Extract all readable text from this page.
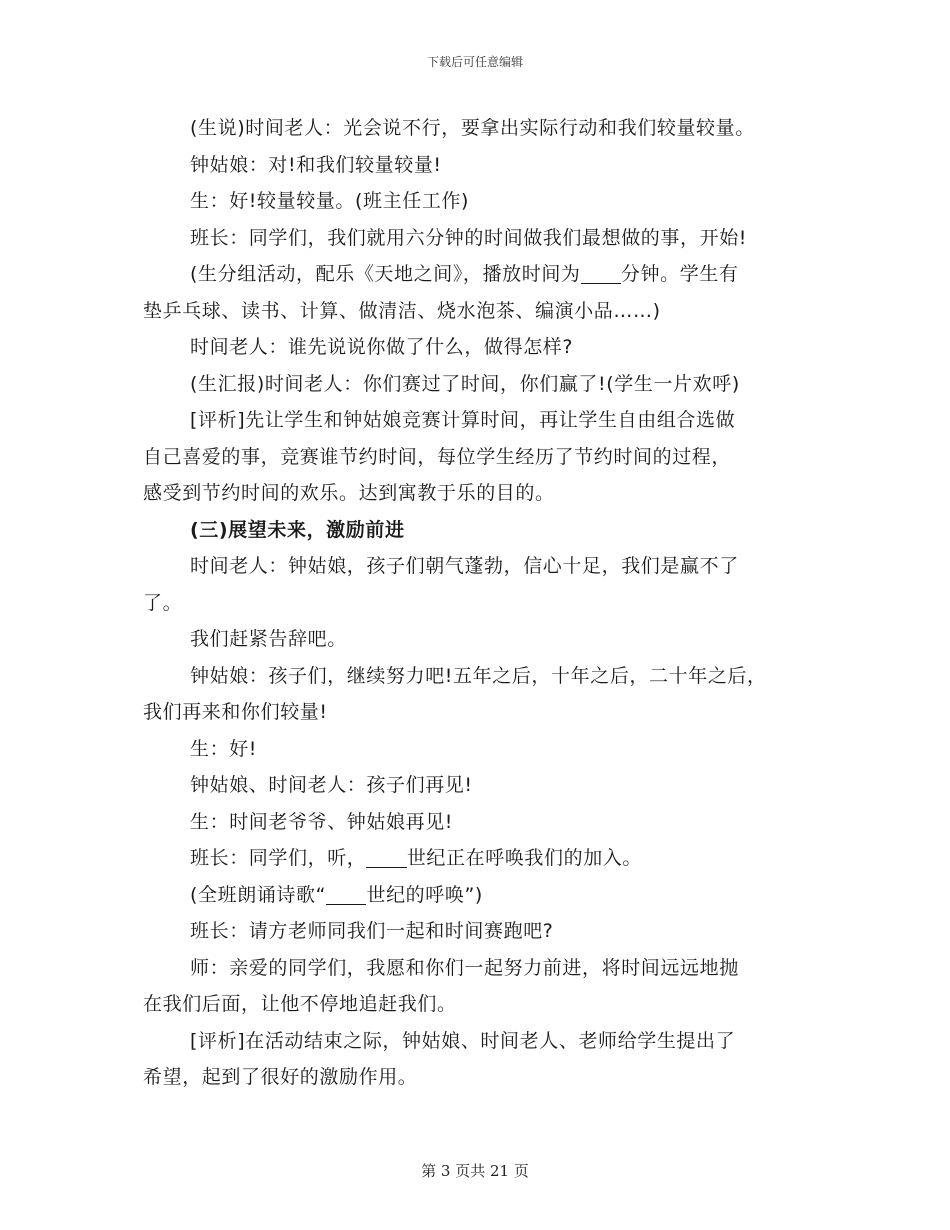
下载后可任意编辑

(生说)时间老人：光会说不行，要拿出实际行动和我们较量较量。

钟姑娘：对!和我们较量较量!

生：好!较量较量。(班主任工作)

班长：同学们，我们就用六分钟的时间做我们最想做的事，开始!

(生分组活动，配乐《天地之间》，播放时间为 分钟。学生有

垫乒乓球、读书、计算、做清洁、烧水泡茶、编演小品……)

时间老人：谁先说说你做了什么，做得怎样?

(生汇报)时间老人：你们赛过了时间，你们赢了!(学生一片欢呼)

[评析]先让学生和钟姑娘竞赛计算时间，再让学生自由组合选做

自己喜爱的事，竞赛谁节约时间，每位学生经历了节约时间的过程，

感受到节约时间的欢乐。达到寓教于乐的目的。

(三)展望未来，激励前进

时间老人：钟姑娘，孩子们朝气蓬勃，信心十足，我们是赢不了

了。

我们赶紧告辞吧。

钟姑娘：孩子们，继续努力吧!五年之后，十年之后，二十年之后，

我们再来和你们较量!

生：好!

钟姑娘、时间老人：孩子们再见!

生：时间老爷爷、钟姑娘再见!

班长：同学们，听， 世纪正在呼唤我们的加入。

(全班朗诵诗歌“ 世纪的呼唤”)

班长：请方老师同我们一起和时间赛跑吧?

师：亲爱的同学们，我愿和你们一起努力前进，将时间远远地抛

在我们后面，让他不停地追赶我们。

[评析]在活动结束之际，钟姑娘、时间老人、老师给学生提出了

希望，起到了很好的激励作用。

第 3 页共 21 页
